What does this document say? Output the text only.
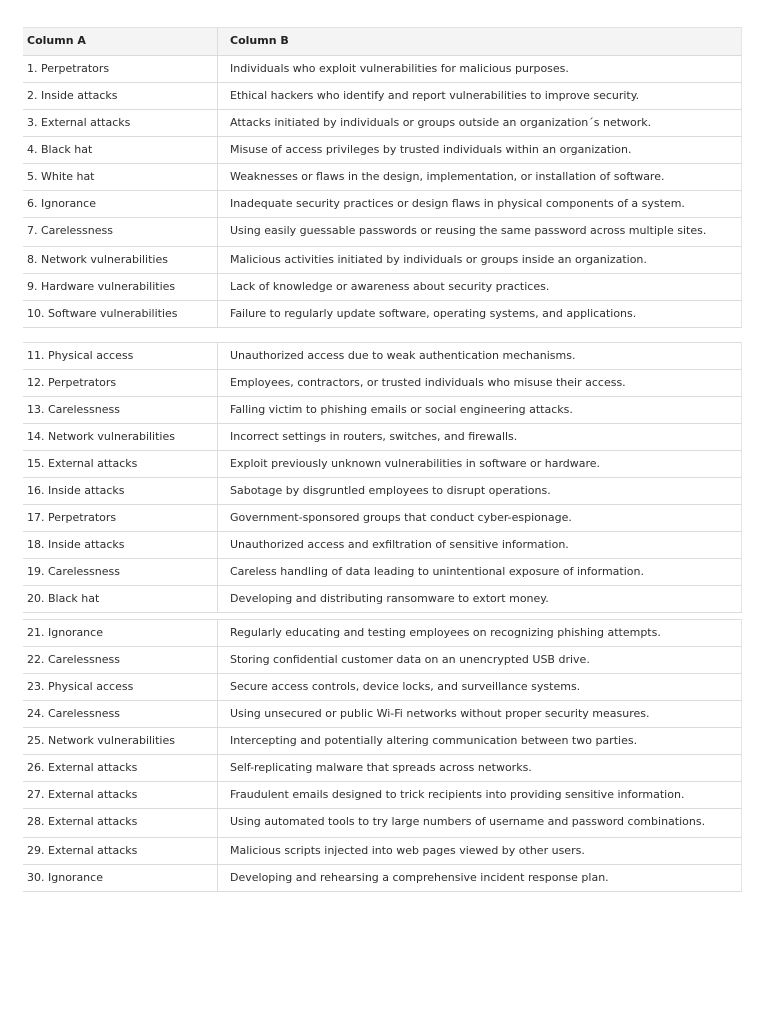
Column A	Column B
1. Perpetrators	Individuals who exploit vulnerabilities for malicious purposes.
2. Inside attacks	Ethical hackers who identify and report vulnerabilities to improve security.
3. External attacks	Attacks initiated by individuals or groups outside an organization´s network.
4. Black hat	Misuse of access privileges by trusted individuals within an organization.
5. White hat	Weaknesses or flaws in the design, implementation, or installation of software.
6. Ignorance	Inadequate security practices or design flaws in physical components of a system.
7. Carelessness	Using easily guessable passwords or reusing the same password across multiple sites.
8. Network vulnerabilities	Malicious activities initiated by individuals or groups inside an organization.
9. Hardware vulnerabilities	Lack of knowledge or awareness about security practices.
10. Software vulnerabilities	Failure to regularly update software, operating systems, and applications.
11. Physical access	Unauthorized access due to weak authentication mechanisms.
12. Perpetrators	Employees, contractors, or trusted individuals who misuse their access.
13. Carelessness	Falling victim to phishing emails or social engineering attacks.
14. Network vulnerabilities	Incorrect settings in routers, switches, and firewalls.
15. External attacks	Exploit previously unknown vulnerabilities in software or hardware.
16. Inside attacks	Sabotage by disgruntled employees to disrupt operations.
17. Perpetrators	Government-sponsored groups that conduct cyber-espionage.
18. Inside attacks	Unauthorized access and exfiltration of sensitive information.
19. Carelessness	Careless handling of data leading to unintentional exposure of information.
20. Black hat	Developing and distributing ransomware to extort money.
21. Ignorance	Regularly educating and testing employees on recognizing phishing attempts.
22. Carelessness	Storing confidential customer data on an unencrypted USB drive.
23. Physical access	Secure access controls, device locks, and surveillance systems.
24. Carelessness	Using unsecured or public Wi-Fi networks without proper security measures.
25. Network vulnerabilities	Intercepting and potentially altering communication between two parties.
26. External attacks	Self-replicating malware that spreads across networks.
27. External attacks	Fraudulent emails designed to trick recipients into providing sensitive information.
28. External attacks	Using automated tools to try large numbers of username and password combinations.
29. External attacks	Malicious scripts injected into web pages viewed by other users.
30. Ignorance	Developing and rehearsing a comprehensive incident response plan.
